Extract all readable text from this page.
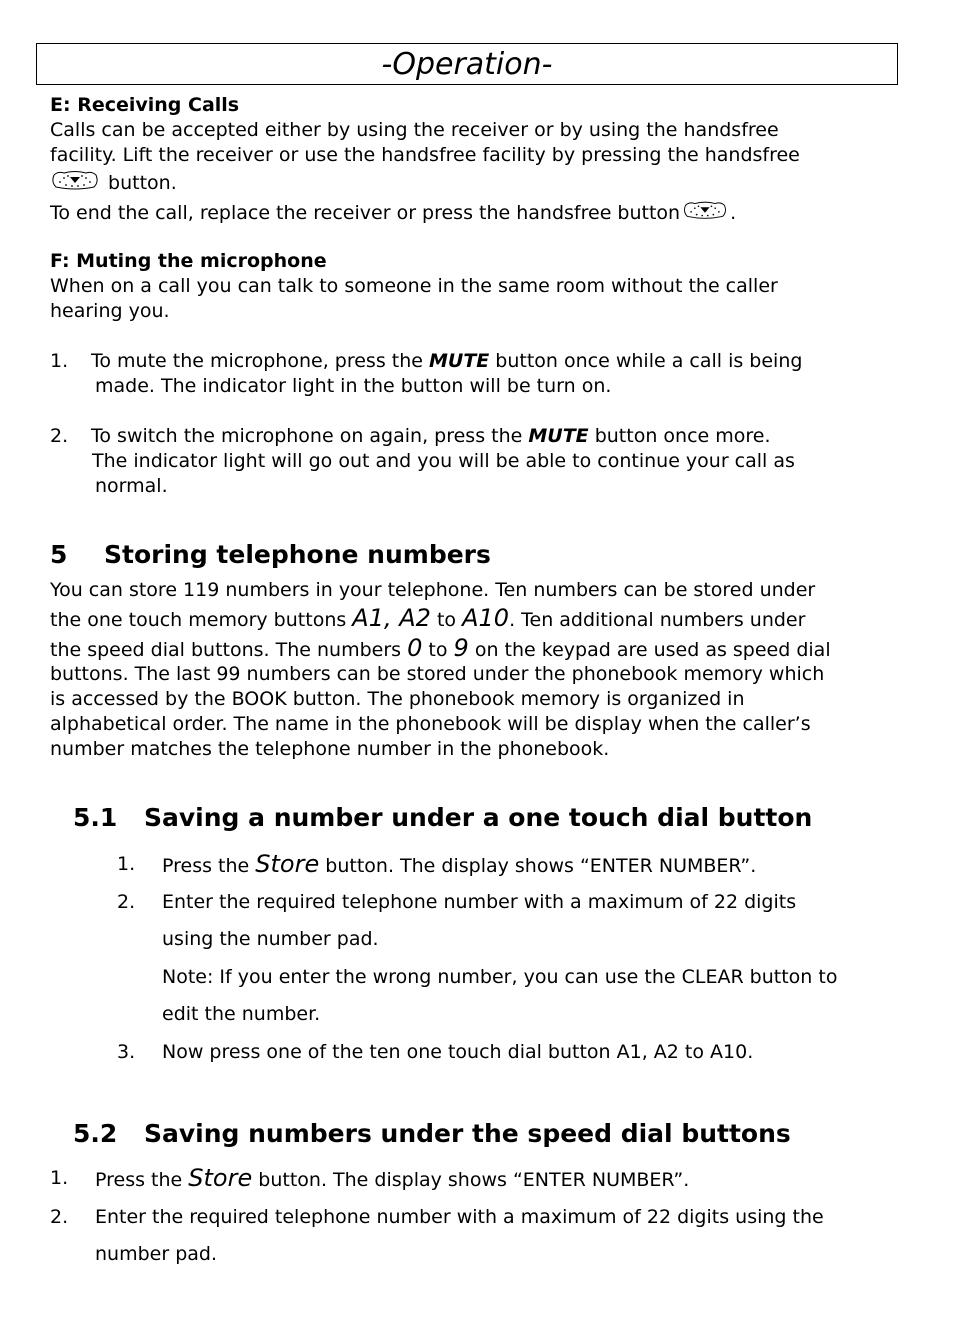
-Operation-
E: Receiving Calls
Calls can be accepted either by using the receiver or by using the handsfree
facility. Lift the receiver or use the handsfree facility by pressing the handsfree
button.
To end the call, replace the receiver or press the handsfree button	.
F: Muting the microphone
When on a call you can talk to someone in the same room without the caller
hearing you.
1. To mute the microphone, press the MUTE button once while a call is being
made. The indicator light in the button will be turn on.
2. To switch the microphone on again, press the MUTE button once more.
The indicator light will go out and you will be able to continue your call as
normal.
5 Storing telephone numbers
You can store 119 numbers in your telephone. Ten numbers can be stored under
the one touch memory buttons A1, A2 to A10. Ten additional numbers under
the speed dial buttons. The numbers 0 to 9 on the keypad are used as speed dial
buttons. The last 99 numbers can be stored under the phonebook memory which
is accessed by the BOOK button. The phonebook memory is organized in
alphabetical order. The name in the phonebook will be display when the caller’s
number matches the telephone number in the phonebook.
5.1 Saving a number under a one touch dial button
1. Press the Store button. The display shows “ENTER NUMBER”.
2. Enter the required telephone number with a maximum of 22 digits
using the number pad.
Note: If you enter the wrong number, you can use the CLEAR button to
edit the number.
3. Now press one of the ten one touch dial button A1, A2 to A10.
5.2 Saving numbers under the speed dial buttons
1. Press the Store button. The display shows “ENTER NUMBER”.
2. Enter the required telephone number with a maximum of 22 digits using the
number pad.
